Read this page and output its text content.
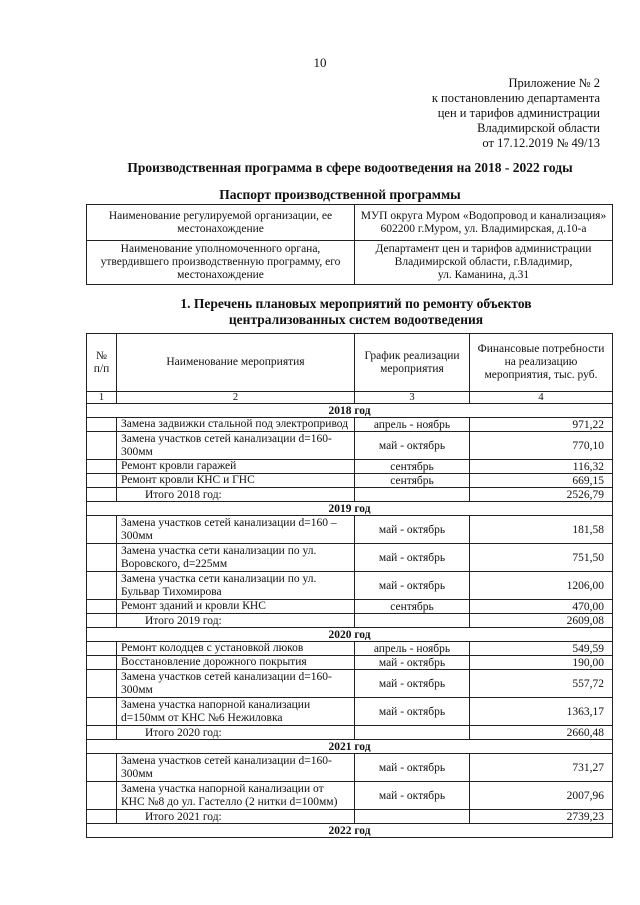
10
Приложение № 2
к постановлению департамента
цен и тарифов администрации
Владимирской области
от 17.12.2019 № 49/13
Производственная программа в сфере водоотведения на 2018 - 2022 годы
Паспорт производственной программы
Наименование регулируемой организации, ее местонахождение	МУП округа Муром «Водопровод и канализация»
602200 г.Муром, ул. Владимирская, д.10-а

Наименование уполномоченного органа, утвердившего производственную программу, его местонахождение	Департамент цен и тарифов администрации Владимирской области, г.Владимир,
ул. Каманина, д.31
1. Перечень плановых мероприятий по ремонту объектов централизованных систем водоотведения
№ п/п	Наименование мероприятия	График реализации мероприятия	Финансовые потребности на реализацию мероприятия, тыс. руб.
1	2	3	4
2018 год			
	Замена задвижки стальной под электропривод	апрель - ноябрь	971,22
	Замена участков сетей канализации d=160-300мм	май - октябрь	770,10
	Ремонт кровли гаражей	сентябрь	116,32
	Ремонт кровли КНС и ГНС	сентябрь	669,15
	Итого 2018 год:		2526,79
2019 год			
	Замена участков сетей канализации d=160 – 300мм	май - октябрь	181,58
	Замена участка сети канализации по ул. Воровского, d=225мм	май - октябрь	751,50
	Замена участка сети канализации по ул. Бульвар Тихомирова	май - октябрь	1206,00
	Ремонт зданий и кровли КНС	сентябрь	470,00
	Итого 2019 год:		2609,08
2020 год			
	Ремонт колодцев с установкой люков	апрель - ноябрь	549,59
	Восстановление дорожного покрытия	май - октябрь	190,00
	Замена участков сетей канализации d=160-300мм	май - октябрь	557,72
	Замена участка напорной канализации d=150мм от КНС №6 Нежиловка	май - октябрь	1363,17
	Итого 2020 год:		2660,48
2021 год			
	Замена участков сетей канализации d=160-300мм	май - октябрь	731,27
	Замена участка напорной канализации от КНС №8 до ул. Гастелло (2 нитки d=100мм)	май - октябрь	2007,96
	Итого 2021 год:		2739,23
2022 год			
